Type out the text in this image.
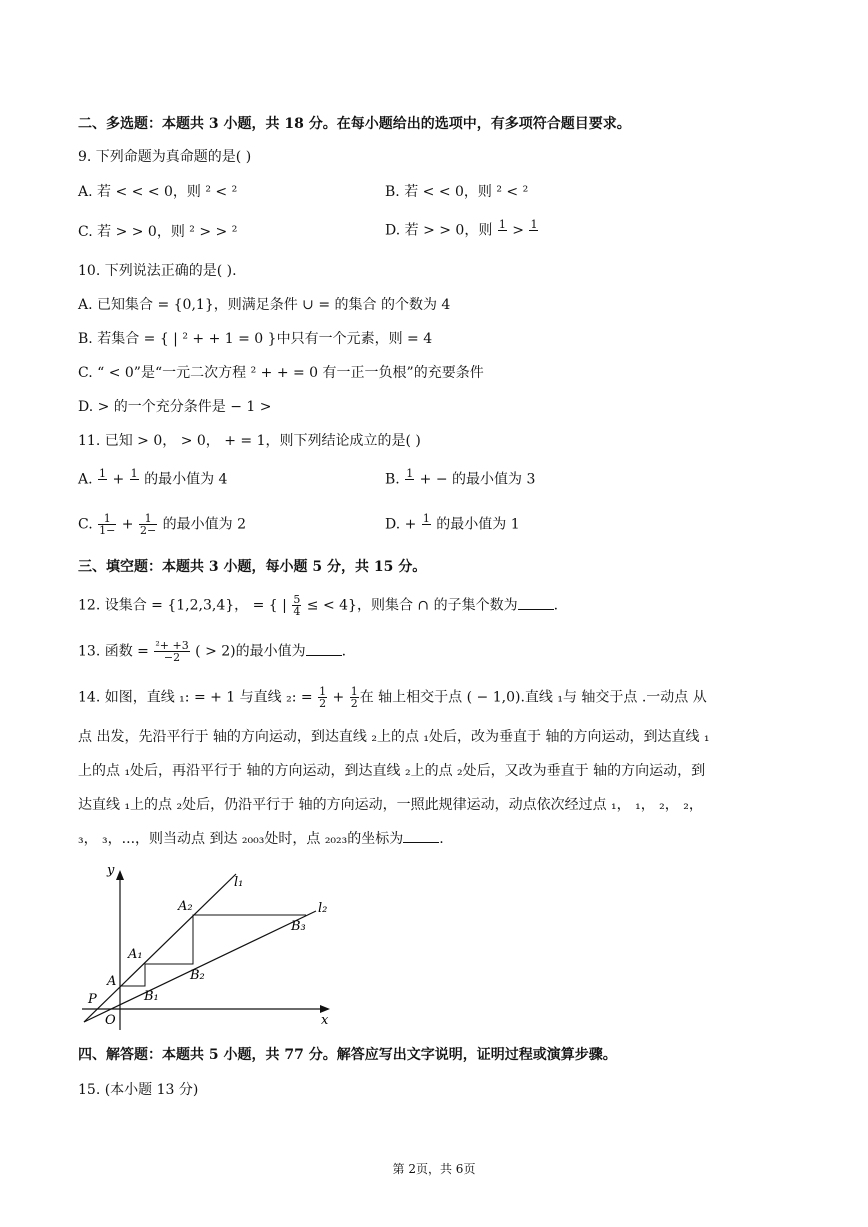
二、多选题：本题共 3 小题，共 18 分。在每小题给出的选项中，有多项符合题目要求。
9. 下列命题为真命题的是( )
A. 若 < < < 0，则 ² < ²	B. 若 < < 0，则 ² < ²
C. 若 > > 0，则 ² > > ²	D. 若 > > 0，则 1
> 1

10. 下列说法正确的是( ).
A. 已知集合 = {0,1}，则满足条件 ∪ = 的集合 的个数为 4
B. 若集合 = { | ² + + 1 = 0 }中只有一个元素，则 = 4
C. “ < 0”是“一元二次方程 ² + + = 0 有一正一负根”的充要条件
D. > 的一个充分条件是 − 1 >
11. 已知 > 0， > 0， + = 1，则下列结论成立的是( )
A. 1
+ 1
的最小值为 4	B. 1
+ − 的最小值为 3
C. $\frac{1}{1-} + \frac{1}{2-}$ 的最小值为 2	D. + 1
的最小值为 1
三、填空题：本题共 3 小题，每小题 5 分，共 15 分。
12. 设集合 = {1,2,3,4}， = { | $\frac{5}{4}$ ≤ < 4}，则集合 ∩ 的子集个数为	.
13. 函数 = $\frac{\text{²+ +3}}{-2}$ ( > 2)的最小值为	.
14. 如图，直线 ₁: = + 1 与直线 ₂: = $\frac{1}{2} + \frac{1}{2}$ 在 轴上相交于点 ( − 1,0).直线 ₁与 轴交于点 .一动点 从
点 出发，先沿平行于 轴的方向运动，到达直线 ₂上的点 ₁处后，改为垂直于 轴的方向运动，到达直线 ₁
上的点 ₁处后，再沿平行于 轴的方向运动，到达直线 ₂上的点 ₂处后，又改为垂直于 轴的方向运动，到
达直线 ₁上的点 ₂处后，仍沿平行于 轴的方向运动，一照此规律运动，动点依次经过点 ₁， ₁， ₂， ₂，
₃， ₃，...，则当动点 到达 ₂₀₀₃处时，点 ₂₀₂₃的坐标为	.
y
x
O
P
A
A₁
A₂
B₁
B₂
B₃
l₁
l₂
四、解答题：本题共 5 小题，共 77 分。解答应写出文字说明，证明过程或演算步骤。
15. (本小题 13 分)
第 2页，共 6页
